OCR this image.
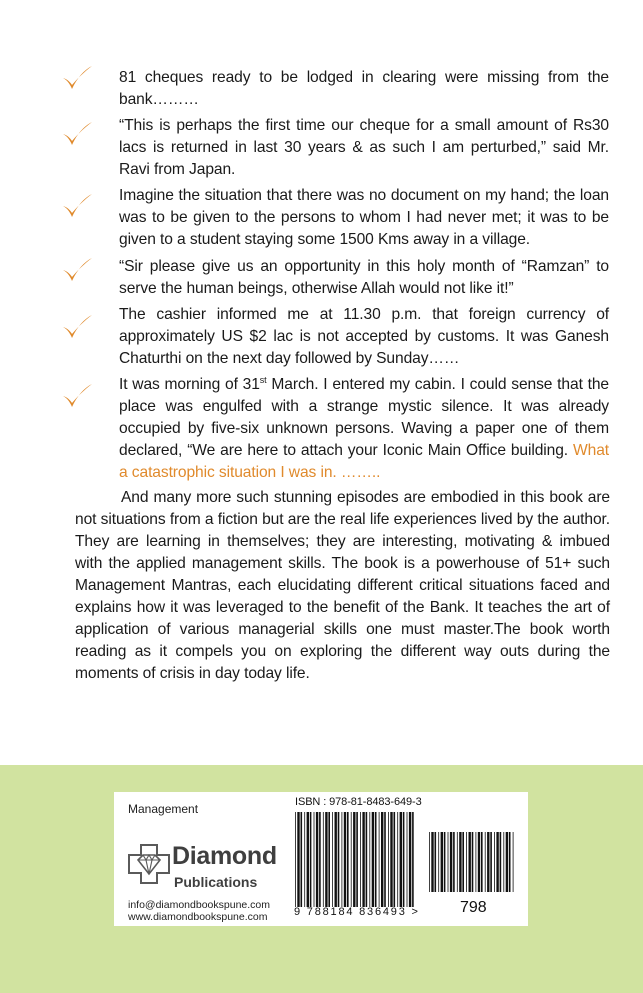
81 cheques ready to be lodged in clearing were missing from the bank………
“This is perhaps the first time our cheque for a small amount of Rs30 lacs is returned in last 30 years & as such I am perturbed,” said Mr. Ravi from Japan.
Imagine the situation that there was no document on my hand; the loan was to be given to the persons to whom I had never met; it was to be given to a student staying some 1500 Kms away in a village.
“Sir please give us an opportunity in this holy month of “Ramzan” to serve the human beings, otherwise Allah would not like it!”
The cashier informed me at 11.30 p.m. that foreign currency of approximately US $2 lac is not accepted by customs. It was Ganesh Chaturthi on the next day followed by Sunday……
It was morning of 31st March. I entered my cabin. I could sense that the place was engulfed with a strange mystic silence. It was already occupied by five-six unknown persons. Waving a paper one of them declared, “We are here to attach your Iconic Main Office building. What a catastrophic situation I was in. ……..
And many more such stunning episodes are embodied in this book are not situations from a fiction but are the real life experiences lived by the author. They are learning in themselves; they are interesting, motivating & imbued with the applied management skills. The book is a powerhouse of 51+ such Management Mantras, each elucidating different critical situations faced and explains how it was leveraged to the benefit of the Bank. It teaches the art of application of various managerial skills one must master.The book worth reading as it compels you on exploring the different way outs during the moments of crisis in day today life.
Management
Diamond
Publications
info@diamondbookspune.com
www.diamondbookspune.com
ISBN : 978-81-8483-649-3
9 788184 836493 >	798
